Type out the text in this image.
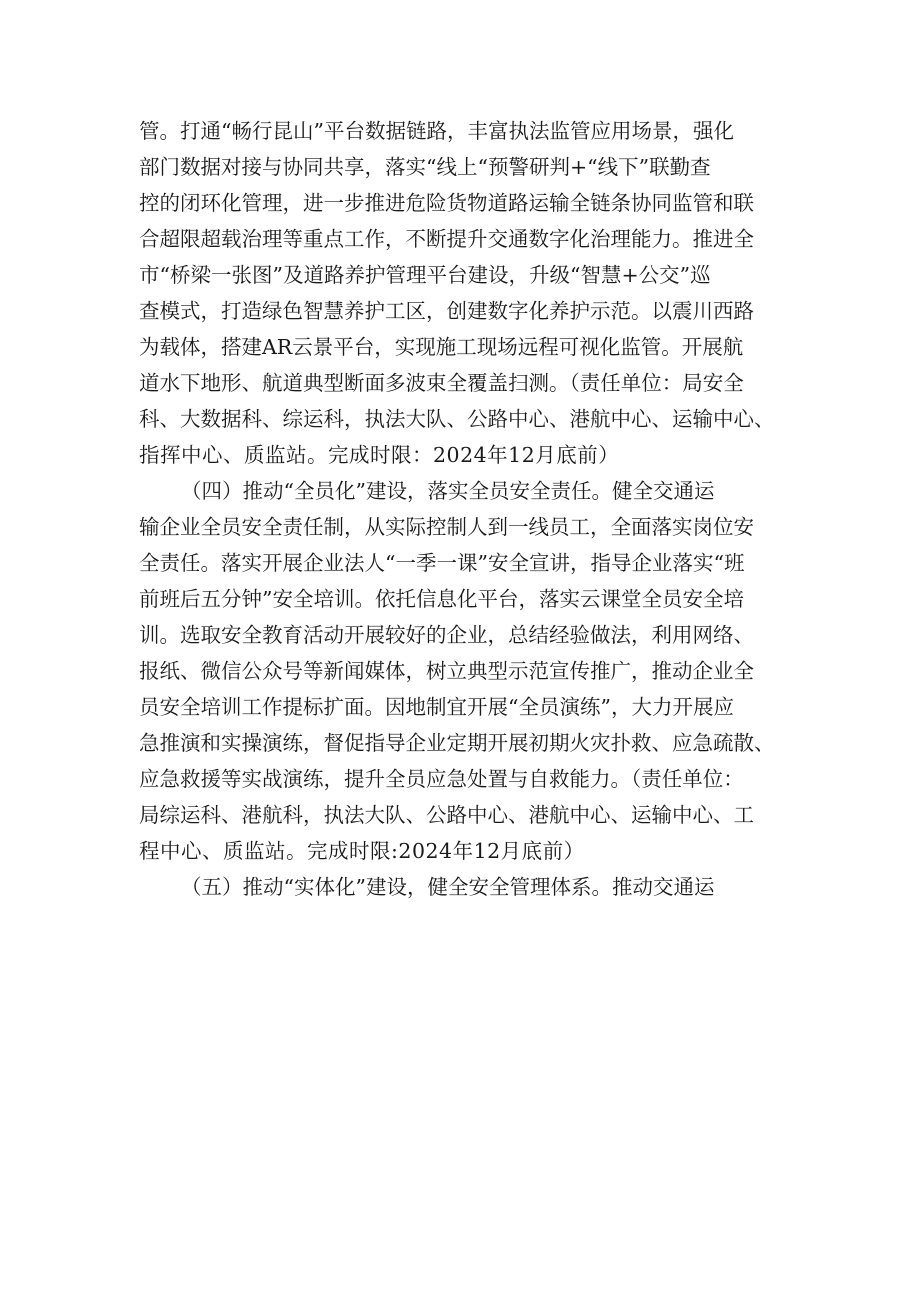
管。打通“畅行昆山”平台数据链路，丰富执法监管应用场景，强化
部门数据对接与协同共享，落实“线上“预警研判+“线下”联勤查
控的闭环化管理，进一步推进危险货物道路运输全链条协同监管和联
合超限超载治理等重点工作，不断提升交通数字化治理能力。推进全
市“桥梁一张图”及道路养护管理平台建设，升级“智慧+公交”巡
查模式，打造绿色智慧养护工区，创建数字化养护示范。以震川西路
为载体，搭建AR云景平台，实现施工现场远程可视化监管。开展航
道水下地形、航道典型断面多波束全覆盖扫测。（责任单位：局安全
科、大数据科、综运科，执法大队、公路中心、港航中心、运输中心、
指挥中心、质监站。完成时限：2024年12月底前）
（四）推动“全员化”建设，落实全员安全责任。健全交通运
输企业全员安全责任制，从实际控制人到一线员工，全面落实岗位安
全责任。落实开展企业法人“一季一课”安全宣讲，指导企业落实“班
前班后五分钟”安全培训。依托信息化平台，落实云课堂全员安全培
训。选取安全教育活动开展较好的企业，总结经验做法，利用网络、
报纸、微信公众号等新闻媒体，树立典型示范宣传推广，推动企业全
员安全培训工作提标扩面。因地制宜开展“全员演练”，大力开展应
急推演和实操演练，督促指导企业定期开展初期火灾扑救、应急疏散、
应急救援等实战演练，提升全员应急处置与自救能力。（责任单位：
局综运科、港航科，执法大队、公路中心、港航中心、运输中心、工
程中心、质监站。完成时限:2024年12月底前）
（五）推动“实体化”建设，健全安全管理体系。推动交通运
